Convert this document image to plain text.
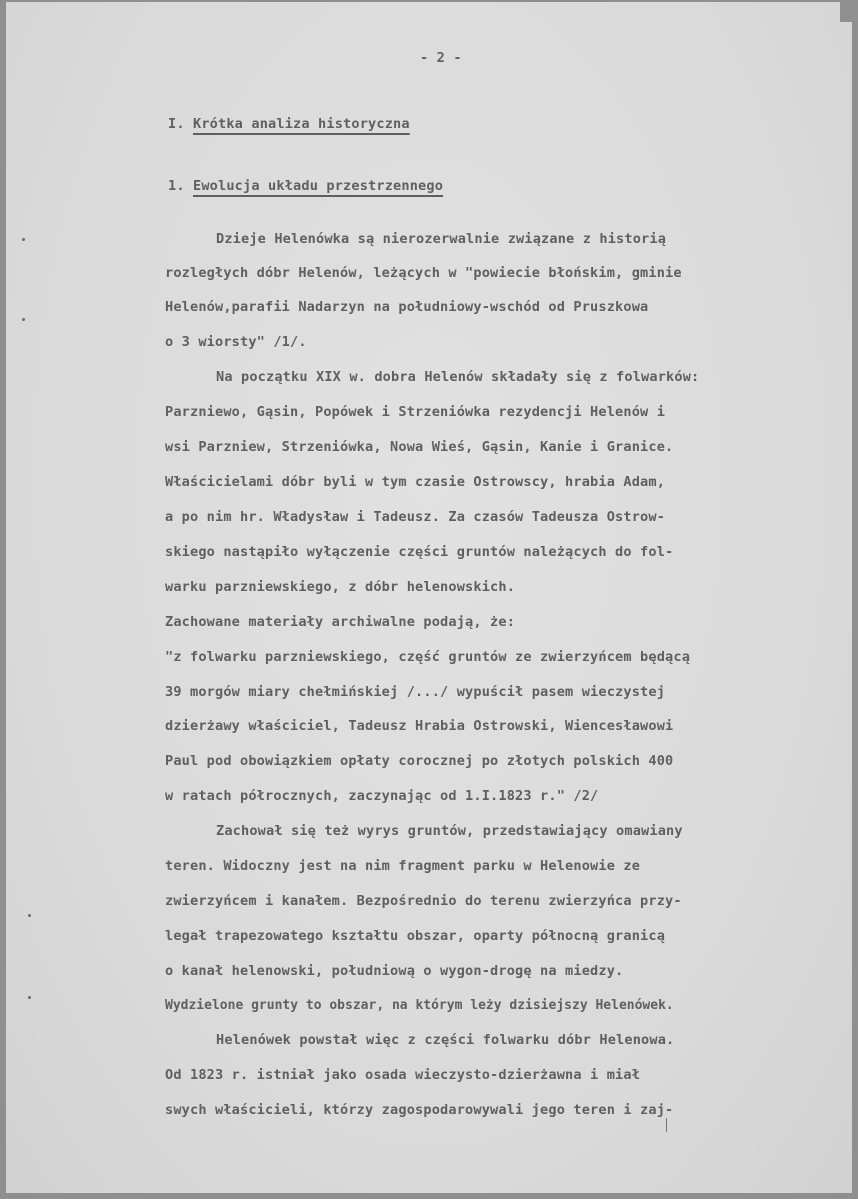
- 2 -
I. Krótka analiza historyczna
1. Ewolucja układu przestrzennego
Dzieje Helenówka są nierozerwalnie związane z historią
rozległych dóbr Helenów, leżących w "powiecie błońskim, gminie
Helenów,parafii Nadarzyn na południowy-wschód od Pruszkowa
o 3 wiorsty" /1/.
Na początku XIX w. dobra Helenów składały się z folwarków:
Parzniewo, Gąsin, Popówek i Strzeniówka rezydencji Helenów i
wsi Parzniew, Strzeniówka, Nowa Wieś, Gąsin, Kanie i Granice.
Właścicielami dóbr byli w tym czasie Ostrowscy, hrabia Adam,
a po nim hr. Władysław i Tadeusz. Za czasów Tadeusza Ostrow-
skiego nastąpiło wyłączenie części gruntów należących do fol-
warku parzniewskiego, z dóbr helenowskich.
Zachowane materiały archiwalne podają, że:
"z folwarku parzniewskiego, część gruntów ze zwierzyńcem będącą
39 morgów miary chełmińskiej /.../ wypuścił pasem wieczystej
dzierżawy właściciel, Tadeusz Hrabia Ostrowski, Wiencesławowi
Paul pod obowiązkiem opłaty corocznej po złotych polskich 400
w ratach półrocznych, zaczynając od 1.I.1823 r." /2/
Zachował się też wyrys gruntów, przedstawiający omawiany
teren. Widoczny jest na nim fragment parku w Helenowie ze
zwierzyńcem i kanałem. Bezpośrednio do terenu zwierzyńca przy-
legał trapezowatego kształtu obszar, oparty północną granicą
o kanał helenowski, południową o wygon-drogę na miedzy.
Wydzielone grunty to obszar, na którym leży dzisiejszy Helenówek.
Helenówek powstał więc z części folwarku dóbr Helenowa.
Od 1823 r. istniał jako osada wieczysto-dzierżawna i miał
swych właścicieli, którzy zagospodarowywali jego teren i zaj-
